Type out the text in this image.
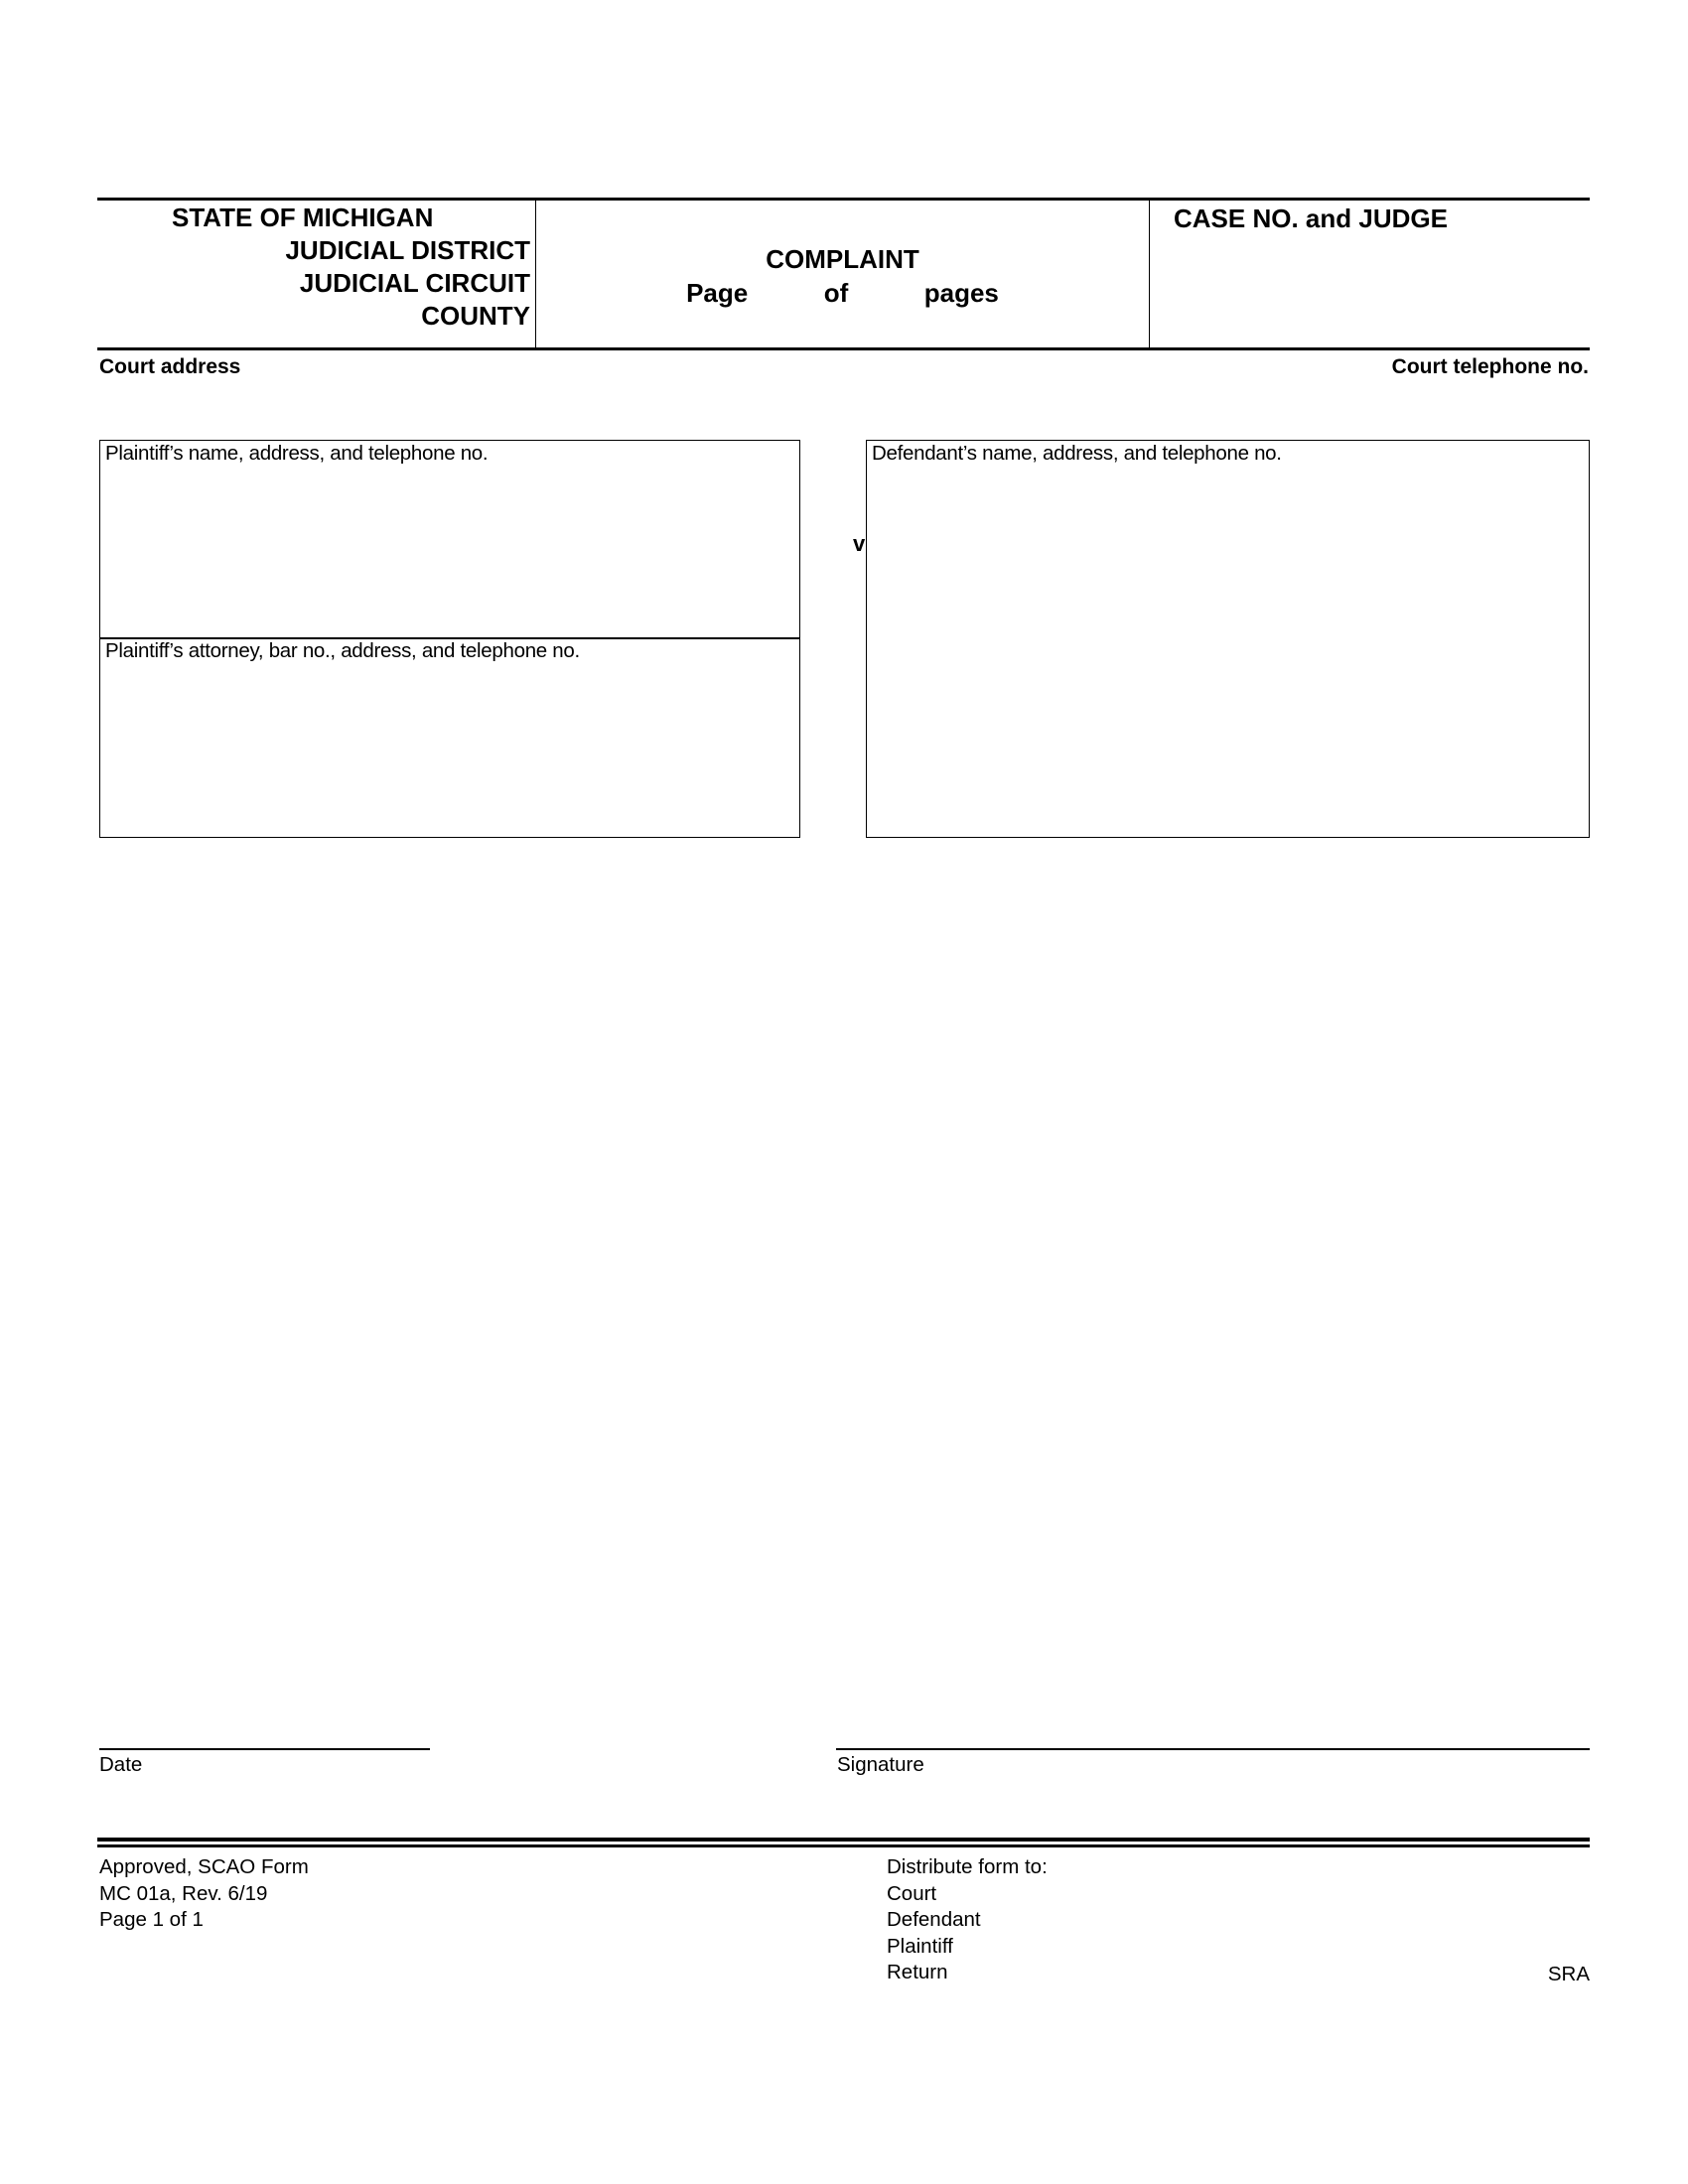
STATE OF MICHIGAN
JUDICIAL DISTRICT
JUDICIAL CIRCUIT
COUNTY
COMPLAINT
Page	of	pages
CASE NO. and JUDGE
Court address	Court telephone no.
Plaintiff’s name, address, and telephone no.
Plaintiff’s attorney, bar no., address, and telephone no.
v
Defendant’s name, address, and telephone no.
Date	Signature
Approved, SCAO Form
MC 01a, Rev. 6/19
Page 1 of 1
Distribute form to:
Court
Defendant
Plaintiff
Return	SRA
